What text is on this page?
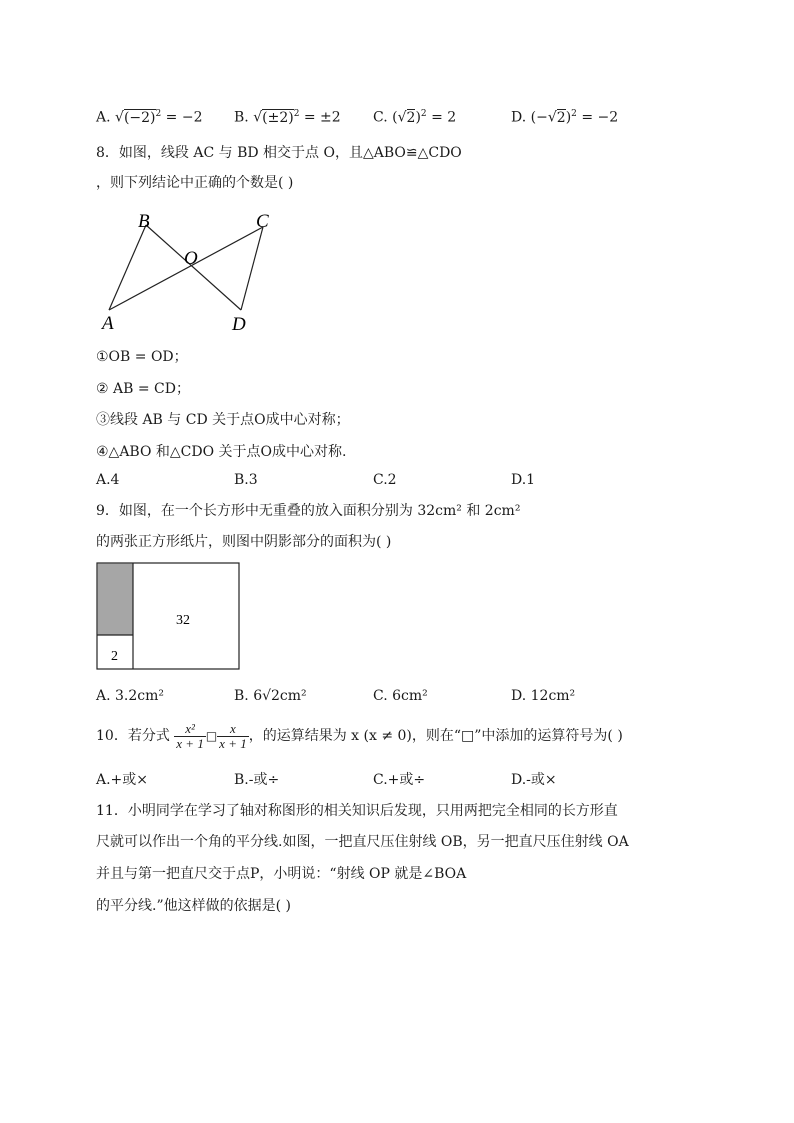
A. $√(-2)^2 = -2$ B. $√(\pm 2)^2 = \pm 2$ C. $(√2)^2 = 2$	D. $(-√2)^2 = -2$
8．如图，线段 AC 与 BD 相交于点 O，且△ABO≌△CDO
，则下列结论中正确的个数是( )
B	C
O
A	D
①OB = OD；
② AB = CD；
③线段 AB 与 CD 关于点O成中心对称；
④△ABO 和△CDO 关于点O成中心对称.
A.4	B.3	C.2	D.1
9．如图，在一个长方形中无重叠的放入面积分别为 32cm² 和 2cm²
的两张正方形纸片，则图中阴影部分的面积为( )
32
2
A. 3.2cm²	B. 6√2cm²	C. 6cm²	D. 12cm²
10．若分式 $\frac{\text{x²}}{x + 1}$ □ $\frac{x}{x + 1}$ ，的运算结果为 x (x ≠ 0)，则在“□”中添加的运算符号为( )
A.+或×	B.-或÷	C.+或÷	D.-或×
11．小明同学在学习了轴对称图形的相关知识后发现，只用两把完全相同的长方形直
尺就可以作出一个角的平分线.如图，一把直尺压住射线 OB，另一把直尺压住射线 OA
并且与第一把直尺交于点P，小明说：“射线 OP 就是∠BOA
的平分线.”他这样做的依据是( )
